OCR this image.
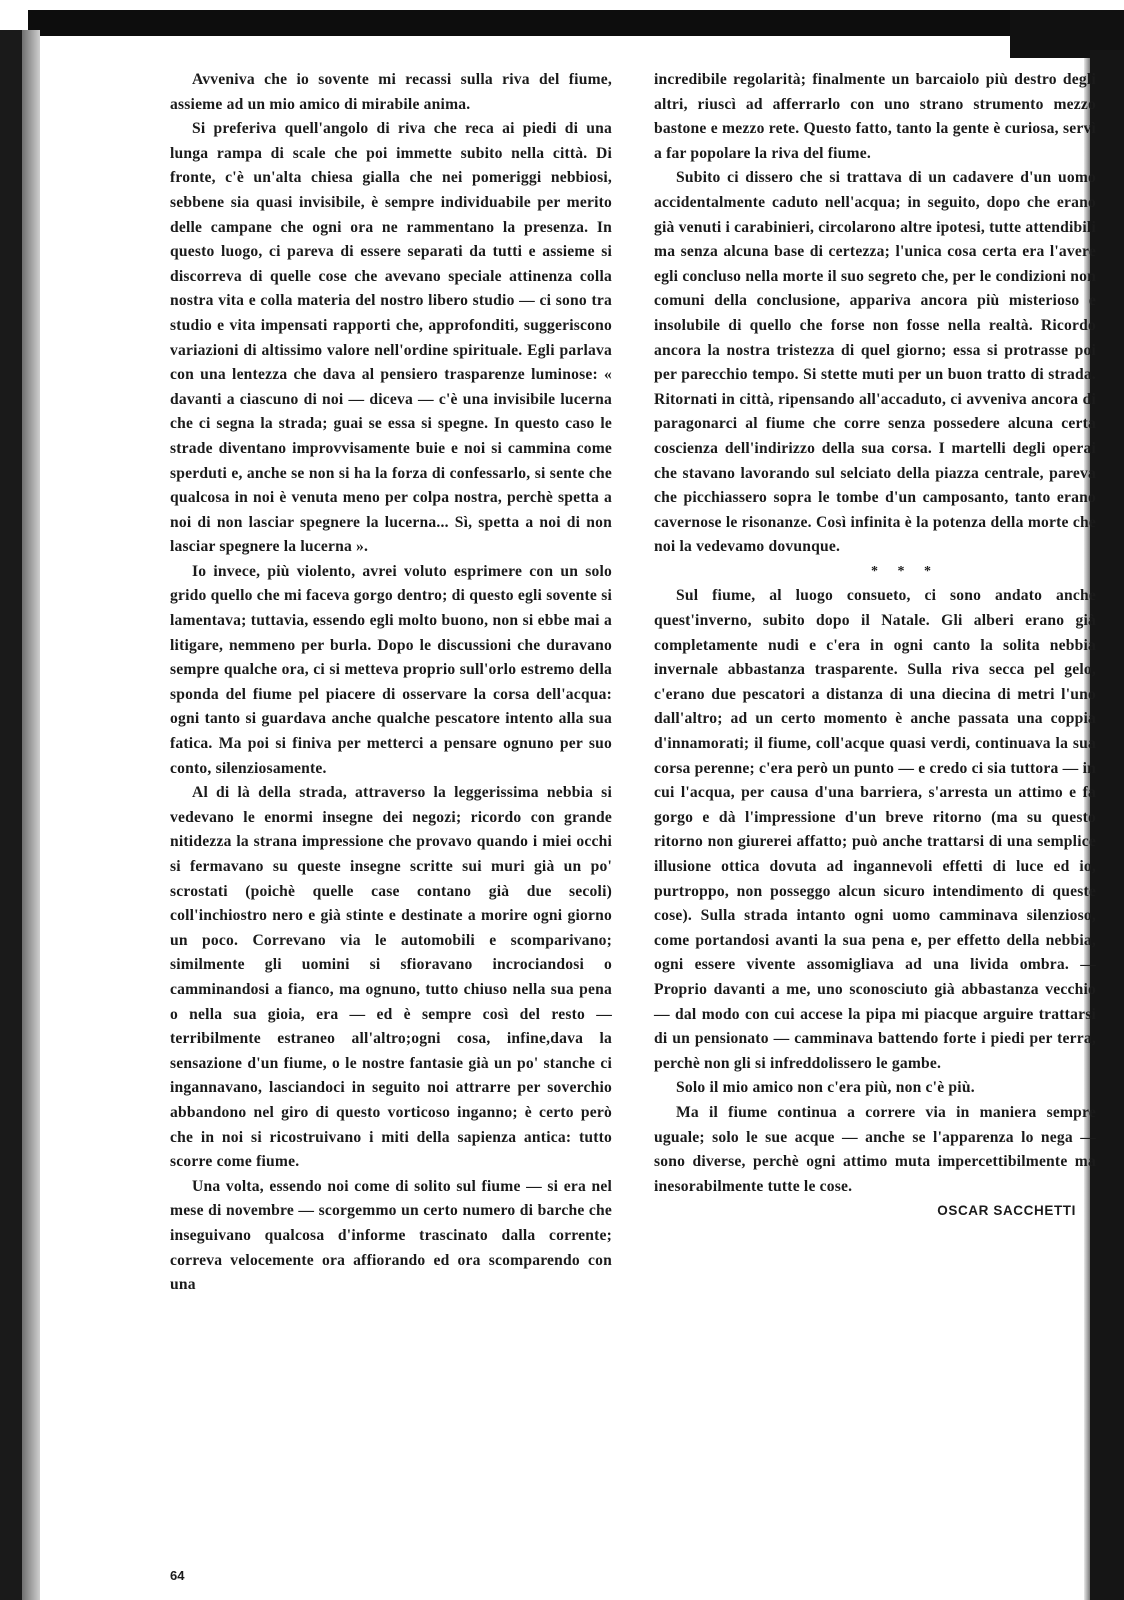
Avveniva che io sovente mi recassi sulla riva del fiume, assieme ad un mio amico di mirabile anima.

Si preferiva quell'angolo di riva che reca ai piedi di una lunga rampa di scale che poi immette subito nella città. Di fronte, c'è un'alta chiesa gialla che nei pomeriggi nebbiosi, sebbene sia quasi invisibile, è sempre individuabile per merito delle campane che ogni ora ne rammentano la presenza. In questo luogo, ci pareva di essere separati da tutti e assieme si discorreva di quelle cose che avevano speciale attinenza colla nostra vita e colla materia del nostro libero studio — ci sono tra studio e vita impensati rapporti che, approfonditi, suggeriscono variazioni di altissimo valore nell'ordine spirituale. Egli parlava con una lentezza che dava al pensiero trasparenze luminose: « davanti a ciascuno di noi — diceva — c'è una invisibile lucerna che ci segna la strada; guai se essa si spegne. In questo caso le strade diventano improvvisamente buie e noi si cammina come sperduti e, anche se non si ha la forza di confessarlo, si sente che qualcosa in noi è venuta meno per colpa nostra, perchè spetta a noi di non lasciar spegnere la lucerna... Sì, spetta a noi di non lasciar spegnere la lucerna ».

Io invece, più violento, avrei voluto esprimere con un solo grido quello che mi faceva gorgo dentro; di questo egli sovente si lamentava; tuttavia, essendo egli molto buono, non si ebbe mai a litigare, nemmeno per burla. Dopo le discussioni che duravano sempre qualche ora, ci si metteva proprio sull'orlo estremo della sponda del fiume pel piacere di osservare la corsa dell'acqua: ogni tanto si guardava anche qualche pescatore intento alla sua fatica. Ma poi si finiva per metterci a pensare ognuno per suo conto, silenziosamente.

Al di là della strada, attraverso la leggerissima nebbia si vedevano le enormi insegne dei negozi; ricordo con grande nitidezza la strana impressione che provavo quando i miei occhi si fermavano su queste insegne scritte sui muri già un po' scrostati (poichè quelle case contano già due secoli) coll'inchiostro nero e già stinte e destinate a morire ogni giorno un poco. Correvano via le automobili e scomparivano; similmente gli uomini si sfioravano incrociandosi o camminandosi a fianco, ma ognuno, tutto chiuso nella sua pena o nella sua gioia, era — ed è sempre così del resto — terribilmente estraneo all'altro;ogni cosa, infine,dava la sensazione d'un fiume, o le nostre fantasie già un po' stanche ci ingannavano, lasciandoci in seguito noi attrarre per soverchio abbandono nel giro di questo vorticoso inganno; è certo però che in noi si ricostruivano i miti della sapienza antica: tutto scorre come fiume.

Una volta, essendo noi come di solito sul fiume — si era nel mese di novembre — scorgemmo un certo numero di barche che inseguivano qualcosa d'informe trascinato dalla corrente; correva velocemente ora affiorando ed ora scomparendo con una

incredibile regolarità; finalmente un barcaiolo più destro degli altri, riuscì ad afferrarlo con uno strano strumento mezzo bastone e mezzo rete. Questo fatto, tanto la gente è curiosa, servì a far popolare la riva del fiume.

Subito ci dissero che si trattava di un cadavere d'un uomo accidentalmente caduto nell'acqua; in seguito, dopo che erano già venuti i carabinieri, circolarono altre ipotesi, tutte attendibili ma senza alcuna base di certezza; l'unica cosa certa era l'avere egli concluso nella morte il suo segreto che, per le condizioni non comuni della conclusione, appariva ancora più misterioso e insolubile di quello che forse non fosse nella realtà. Ricordo ancora la nostra tristezza di quel giorno; essa si protrasse poi per parecchio tempo. Si stette muti per un buon tratto di strada. Ritornati in città, ripensando all'accaduto, ci avveniva ancora di paragonarci al fiume che corre senza possedere alcuna certa coscienza dell'indirizzo della sua corsa. I martelli degli operai che stavano lavorando sul selciato della piazza centrale, pareva che picchiassero sopra le tombe d'un camposanto, tanto erano cavernose le risonanze. Così infinita è la potenza della morte che noi la vedevamo dovunque.

* * *

Sul fiume, al luogo consueto, ci sono andato anche quest'inverno, subito dopo il Natale. Gli alberi erano già completamente nudi e c'era in ogni canto la solita nebbia invernale abbastanza trasparente. Sulla riva secca pel gelo, c'erano due pescatori a distanza di una diecina di metri l'uno dall'altro; ad un certo momento è anche passata una coppia d'innamorati; il fiume, coll'acque quasi verdi, continuava la sua corsa perenne; c'era però un punto — e credo ci sia tuttora — in cui l'acqua, per causa d'una barriera, s'arresta un attimo e fa gorgo e dà l'impressione d'un breve ritorno (ma su questo ritorno non giurerei affatto; può anche trattarsi di una semplice illusione ottica dovuta ad ingannevoli effetti di luce ed io, purtroppo, non posseggo alcun sicuro intendimento di queste cose). Sulla strada intanto ogni uomo camminava silenzioso, come portandosi avanti la sua pena e, per effetto della nebbia, ogni essere vivente assomigliava ad una livida ombra. — Proprio davanti a me, uno sconosciuto già abbastanza vecchio — dal modo con cui accese la pipa mi piacque arguire trattarsi di un pensionato — camminava battendo forte i piedi per terra, perchè non gli si infreddolissero le gambe.

Solo il mio amico non c'era più, non c'è più.

Ma il fiume continua a correre via in maniera sempre uguale; solo le sue acque — anche se l'apparenza lo nega — sono diverse, perchè ogni attimo muta impercettibilmente ma inesorabilmente tutte le cose.

OSCAR SACCHETTI

64
